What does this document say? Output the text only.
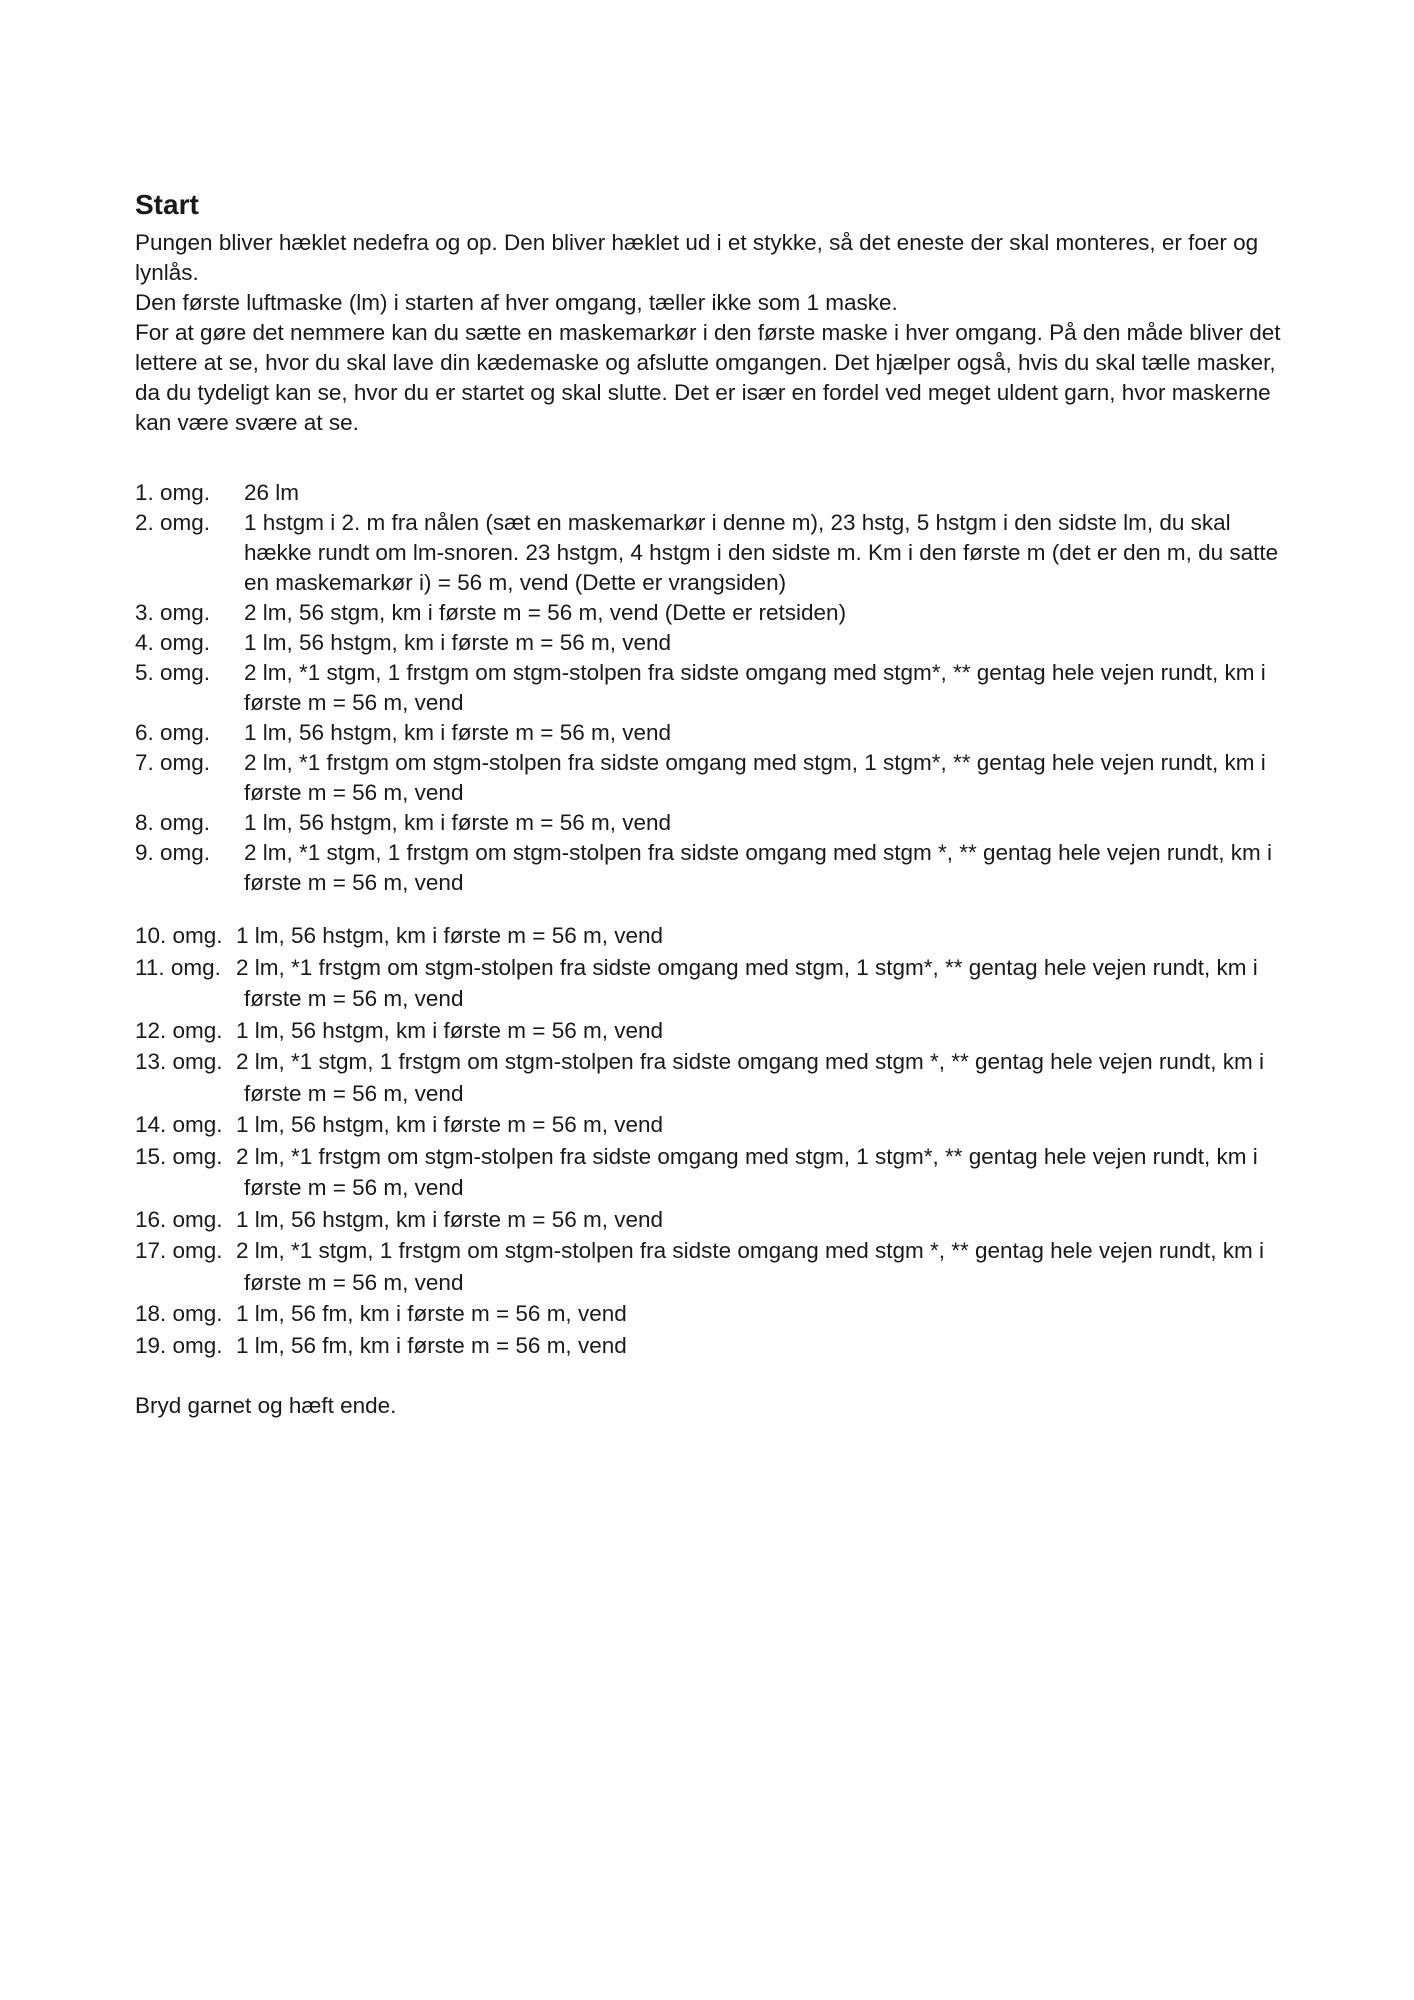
Start

Pungen bliver hæklet nedefra og op. Den bliver hæklet ud i et stykke, så det eneste der skal monteres, er foer og lynlås.

Den første luftmaske (lm) i starten af hver omgang, tæller ikke som 1 maske.

For at gøre det nemmere kan du sætte en maskemarkør i den første maske i hver omgang. På den måde bliver det lettere at se, hvor du skal lave din kædemaske og afslutte omgangen. Det hjælper også, hvis du skal tælle masker, da du tydeligt kan se, hvor du er startet og skal slutte. Det er især en fordel ved meget uldent garn, hvor maskerne kan være svære at se.

1. omg.	26 lm
2. omg.	1 hstgm i 2. m fra nålen (sæt en maskemarkør i denne m), 23 hstg, 5 hstgm i den sidste lm, du skal hække rundt om lm-snoren. 23 hstgm, 4 hstgm i den sidste m. Km i den første m (det er den m, du satte en maskemarkør i) = 56 m, vend (Dette er vrangsiden)
3. omg.	2 lm, 56 stgm, km i første m = 56 m, vend (Dette er retsiden)
4. omg.	1 lm, 56 hstgm, km i første m = 56 m, vend
5. omg.	2 lm, *1 stgm, 1 frstgm om stgm-stolpen fra sidste omgang med stgm*, ** gentag hele vejen rundt, km i første m = 56 m, vend
6. omg.	1 lm, 56 hstgm, km i første m = 56 m, vend
7. omg.	2 lm, *1 frstgm om stgm-stolpen fra sidste omgang med stgm, 1 stgm*, ** gentag hele vejen rundt, km i første m = 56 m, vend
8. omg.	1 lm, 56 hstgm, km i første m = 56 m, vend
9. omg.	2 lm, *1 stgm, 1 frstgm om stgm-stolpen fra sidste omgang med stgm *, ** gentag hele vejen rundt, km i første m = 56 m, vend
10. omg. 1 lm, 56 hstgm, km i første m = 56 m, vend
11. omg. 2 lm, *1 frstgm om stgm-stolpen fra sidste omgang med stgm, 1 stgm*, ** gentag hele vejen rundt, km i første m = 56 m, vend
12. omg. 1 lm, 56 hstgm, km i første m = 56 m, vend
13. omg. 2 lm, *1 stgm, 1 frstgm om stgm-stolpen fra sidste omgang med stgm *, ** gentag hele vejen rundt, km i første m = 56 m, vend
14. omg. 1 lm, 56 hstgm, km i første m = 56 m, vend
15. omg. 2 lm, *1 frstgm om stgm-stolpen fra sidste omgang med stgm, 1 stgm*, ** gentag hele vejen rundt, km i første m = 56 m, vend
16. omg. 1 lm, 56 hstgm, km i første m = 56 m, vend
17. omg. 2 lm, *1 stgm, 1 frstgm om stgm-stolpen fra sidste omgang med stgm *, ** gentag hele vejen rundt, km i første m = 56 m, vend
18. omg. 1 lm, 56 fm, km i første m = 56 m, vend
19. omg. 1 lm, 56 fm, km i første m = 56 m, vend

Bryd garnet og hæft ende.
